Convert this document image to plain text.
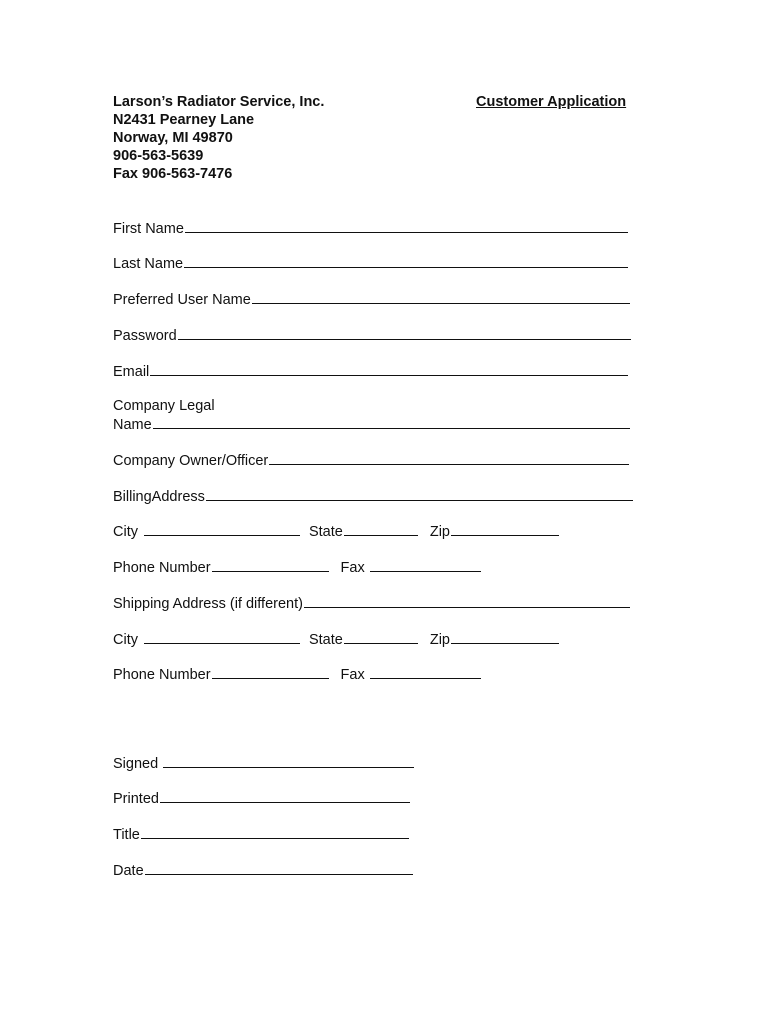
Larson’s Radiator Service, Inc.
N2431 Pearney Lane
Norway, MI 49870
906-563-5639
Fax 906-563-7476
Customer Application
First Name
Last Name
Preferred User Name
Password
Email
Company Legal
Name
Company Owner/Officer
BillingAddress
City	State	Zip
Phone Number	Fax
Shipping Address (if different)
City	State	Zip
Phone Number	Fax
Signed
Printed
Title
Date
